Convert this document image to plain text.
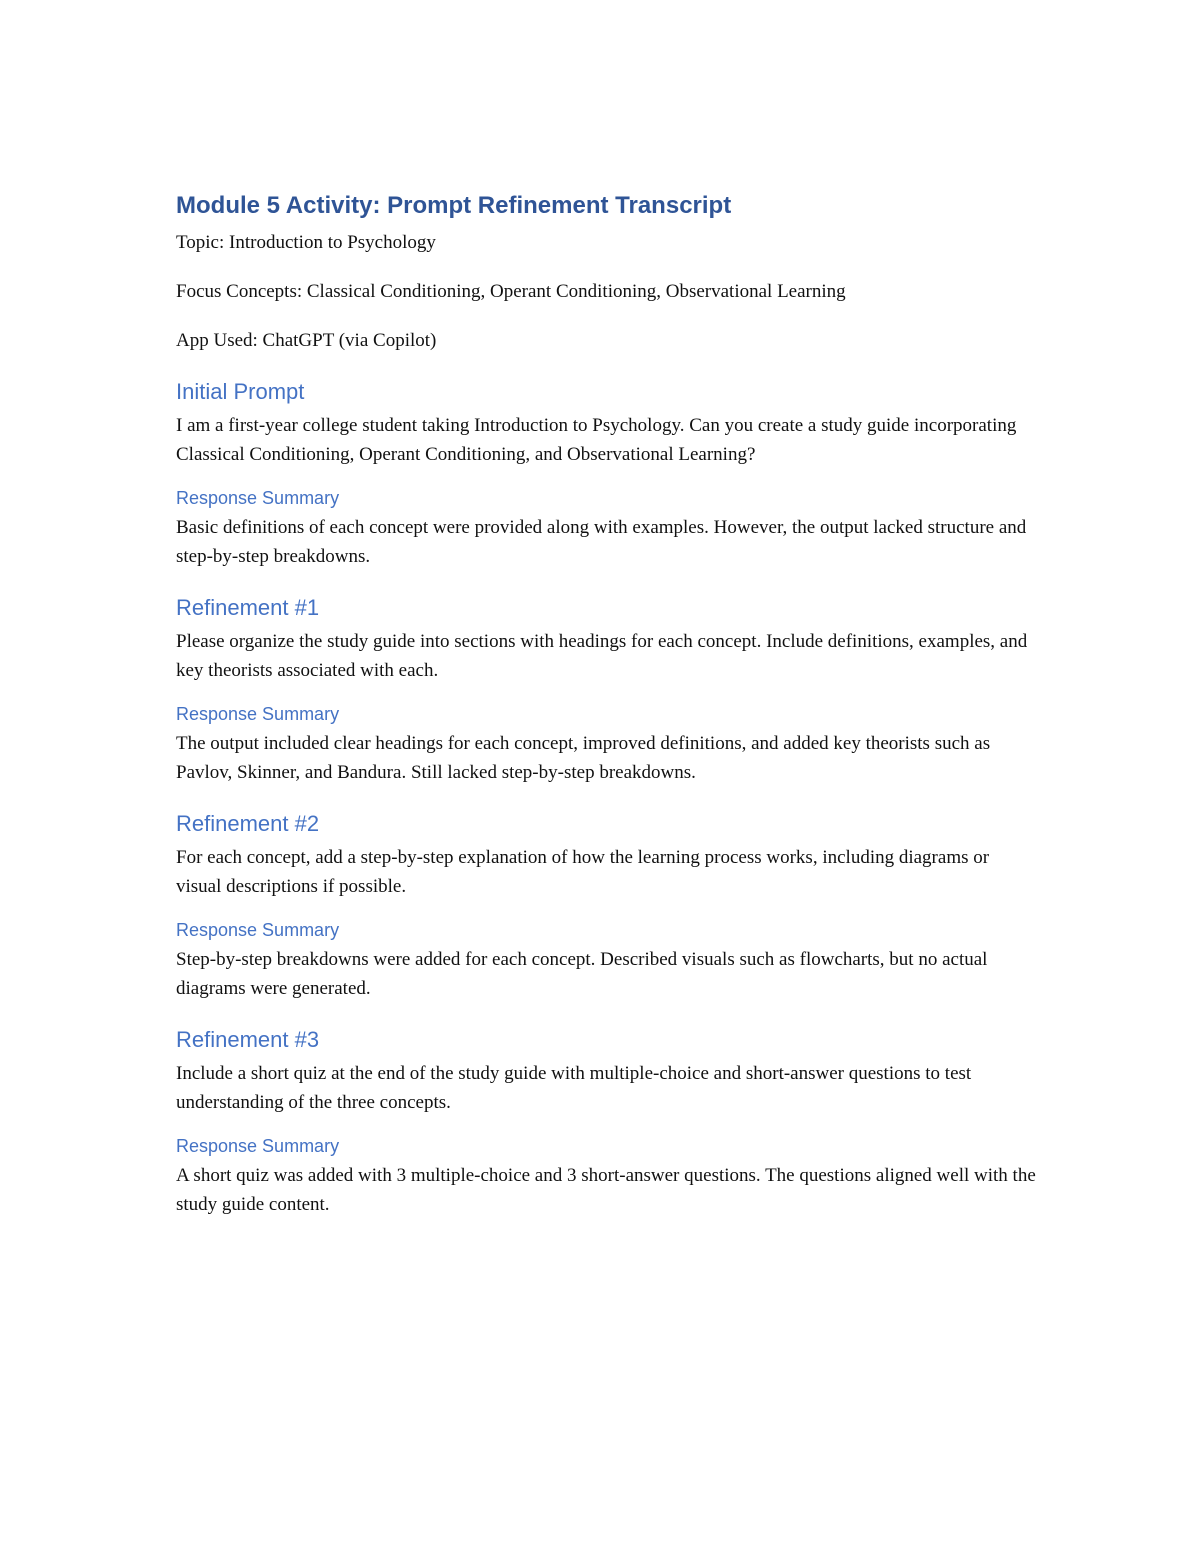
Module 5 Activity: Prompt Refinement Transcript

Topic: Introduction to Psychology

Focus Concepts: Classical Conditioning, Operant Conditioning, Observational Learning

App Used: ChatGPT (via Copilot)

Initial Prompt

I am a first-year college student taking Introduction to Psychology. Can you create a study guide incorporating Classical Conditioning, Operant Conditioning, and Observational Learning?

Response Summary

Basic definitions of each concept were provided along with examples. However, the output lacked structure and step-by-step breakdowns.

Refinement #1

Please organize the study guide into sections with headings for each concept. Include definitions, examples, and key theorists associated with each.

Response Summary

The output included clear headings for each concept, improved definitions, and added key theorists such as Pavlov, Skinner, and Bandura. Still lacked step-by-step breakdowns.

Refinement #2

For each concept, add a step-by-step explanation of how the learning process works, including diagrams or visual descriptions if possible.

Response Summary

Step-by-step breakdowns were added for each concept. Described visuals such as flowcharts, but no actual diagrams were generated.

Refinement #3

Include a short quiz at the end of the study guide with multiple-choice and short-answer questions to test understanding of the three concepts.

Response Summary

A short quiz was added with 3 multiple-choice and 3 short-answer questions. The questions aligned well with the study guide content.
